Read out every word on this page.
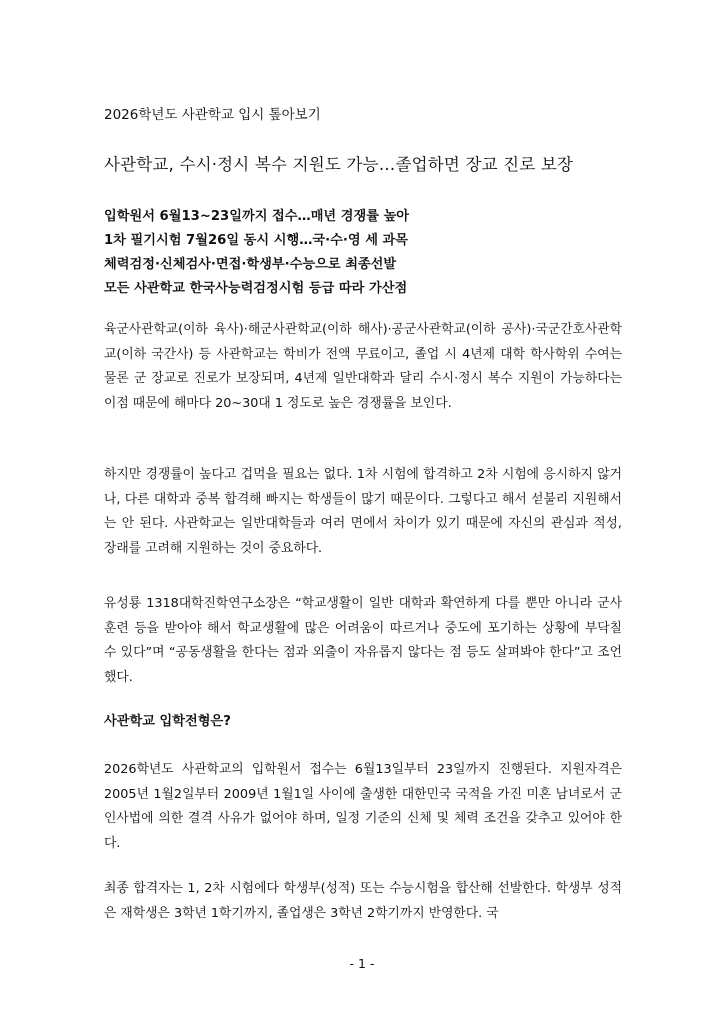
2026학년도 사관학교 입시 톺아보기
사관학교, 수시·정시 복수 지원도 가능…졸업하면 장교 진로 보장
입학원서 6월13~23일까지 접수…매년 경쟁률 높아
1차 필기시험 7월26일 동시 시행…국·수·영 세 과목
체력검정·신체검사·면접·학생부·수능으로 최종선발
모든 사관학교 한국사능력검정시험 등급 따라 가산점

육군사관학교(이하 육사)·해군사관학교(이하 해사)·공군사관학교(이하 공사)·국군간호사관학교(이하 국간사) 등 사관학교는 학비가 전액 무료이고, 졸업 시 4년제 대학 학사학위 수여는 물론 군 장교로 진로가 보장되며, 4년제 일반대학과 달리 수시·정시 복수 지원이 가능하다는 이점 때문에 해마다 20~30대 1 정도로 높은 경쟁률을 보인다.

하지만 경쟁률이 높다고 겁먹을 필요는 없다. 1차 시험에 합격하고 2차 시험에 응시하지 않거나, 다른 대학과 중복 합격해 빠지는 학생들이 많기 때문이다. 그렇다고 해서 섣불리 지원해서는 안 된다. 사관학교는 일반대학들과 여러 면에서 차이가 있기 때문에 자신의 관심과 적성, 장래를 고려해 지원하는 것이 중요하다.

유성룡 1318대학진학연구소장은 “학교생활이 일반 대학과 확연하게 다를 뿐만 아니라 군사 훈련 등을 받아야 해서 학교생활에 많은 어려움이 따르거나 중도에 포기하는 상황에 부닥칠 수 있다”며 “공동생활을 한다는 점과 외출이 자유롭지 않다는 점 등도 살펴봐야 한다”고 조언했다.

사관학교 입학전형은?

2026학년도 사관학교의 입학원서 접수는 6월13일부터 23일까지 진행된다. 지원자격은 2005년 1월2일부터 2009년 1월1일 사이에 출생한 대한민국 국적을 가진 미혼 남녀로서 군인사법에 의한 결격 사유가 없어야 하며, 일정 기준의 신체 및 체력 조건을 갖추고 있어야 한다.

최종 합격자는 1, 2차 시험에다 학생부(성적) 또는 수능시험을 합산해 선발한다. 학생부 성적은 재학생은 3학년 1학기까지, 졸업생은 3학년 2학기까지 반영한다. 국

- 1 -
